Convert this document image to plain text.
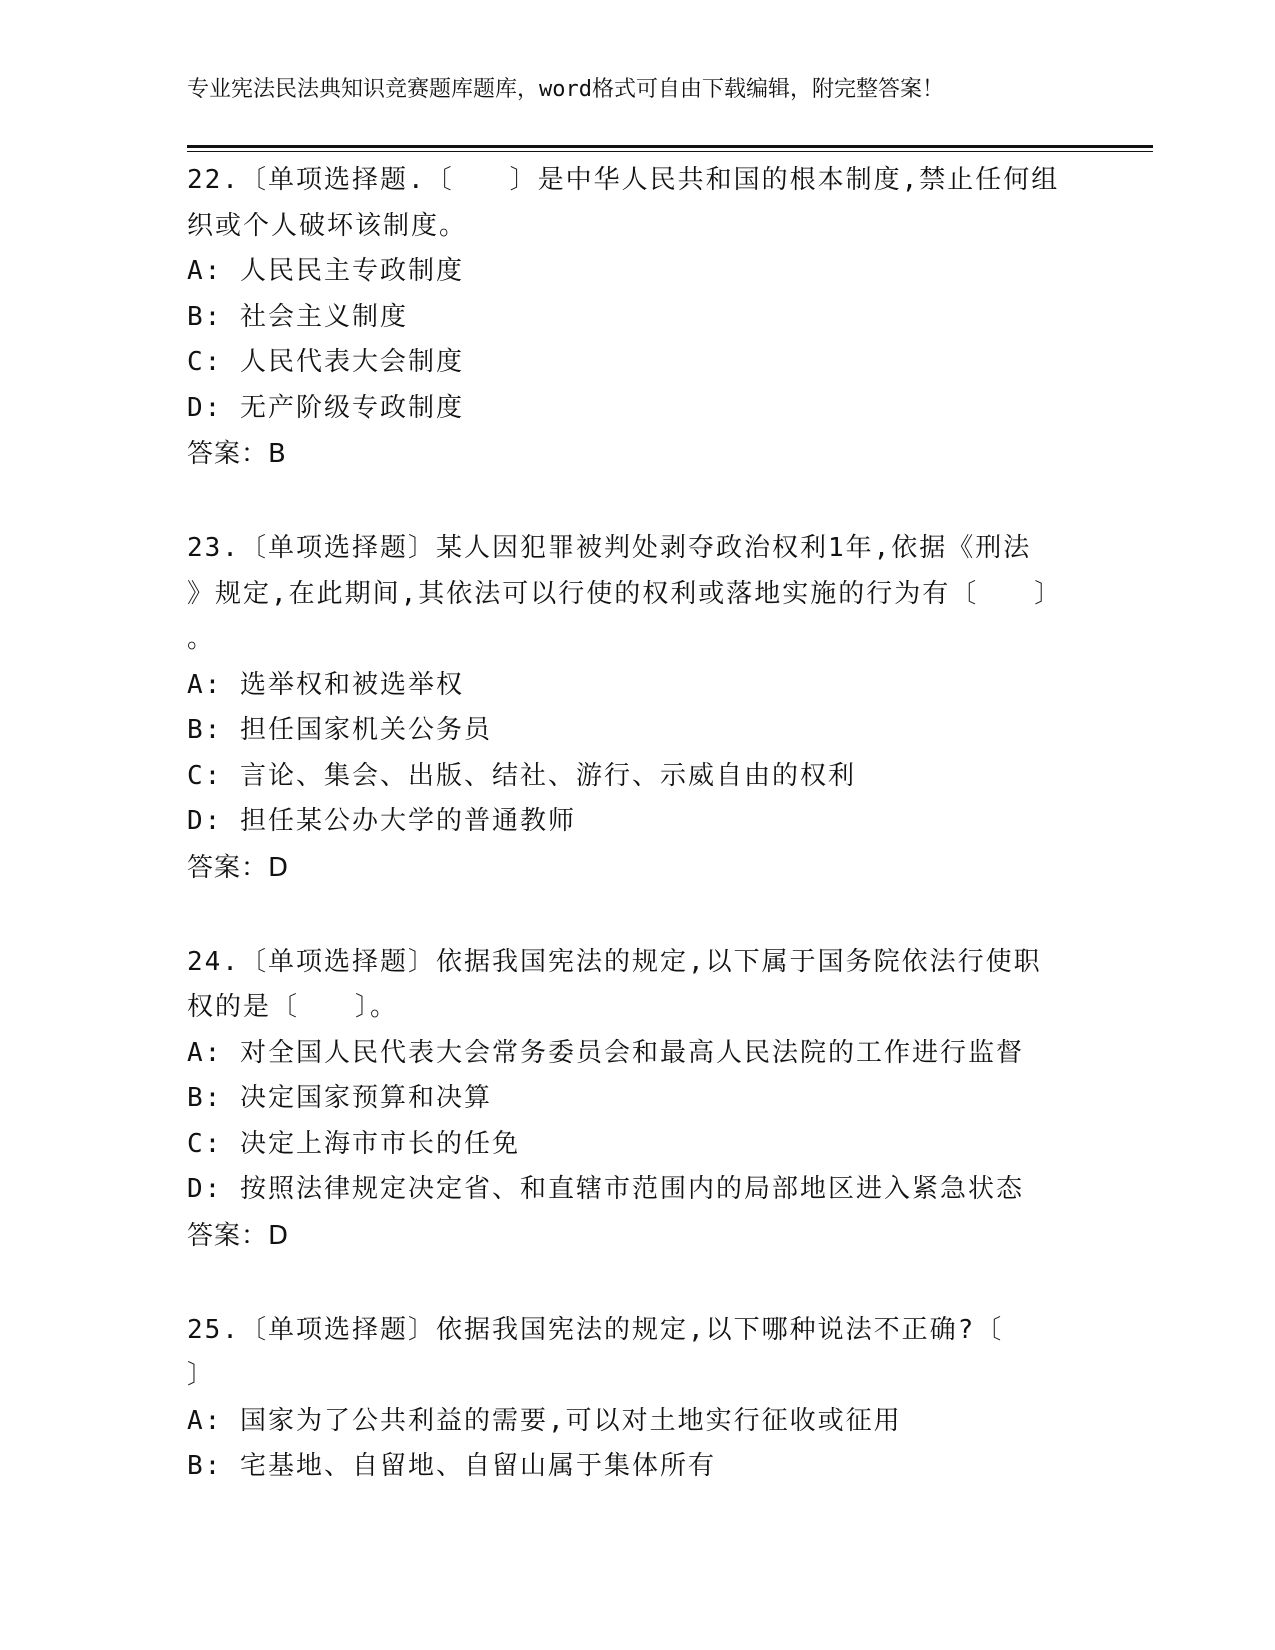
专业宪法民法典知识竞赛题库题库，word格式可自由下载编辑，附完整答案！
22.〔单项选择题.〔　　〕是中华人民共和国的根本制度,禁止任何组
织或个人破坏该制度。
A: 人民民主专政制度
B: 社会主义制度
C: 人民代表大会制度
D: 无产阶级专政制度
答案：B
23.〔单项选择题〕某人因犯罪被判处剥夺政治权利1年,依据《刑法
》规定,在此期间,其依法可以行使的权利或落地实施的行为有〔　　〕
。
A: 选举权和被选举权
B: 担任国家机关公务员
C: 言论、集会、出版、结社、游行、示威自由的权利
D: 担任某公办大学的普通教师
答案：D
24.〔单项选择题〕依据我国宪法的规定,以下属于国务院依法行使职
权的是〔　　〕。
A: 对全国人民代表大会常务委员会和最高人民法院的工作进行监督
B: 决定国家预算和决算
C: 决定上海市市长的任免
D: 按照法律规定决定省、和直辖市范围内的局部地区进入紧急状态
答案：D
25.〔单项选择题〕依据我国宪法的规定,以下哪种说法不正确?〔
〕
A: 国家为了公共利益的需要,可以对土地实行征收或征用
B: 宅基地、自留地、自留山属于集体所有
